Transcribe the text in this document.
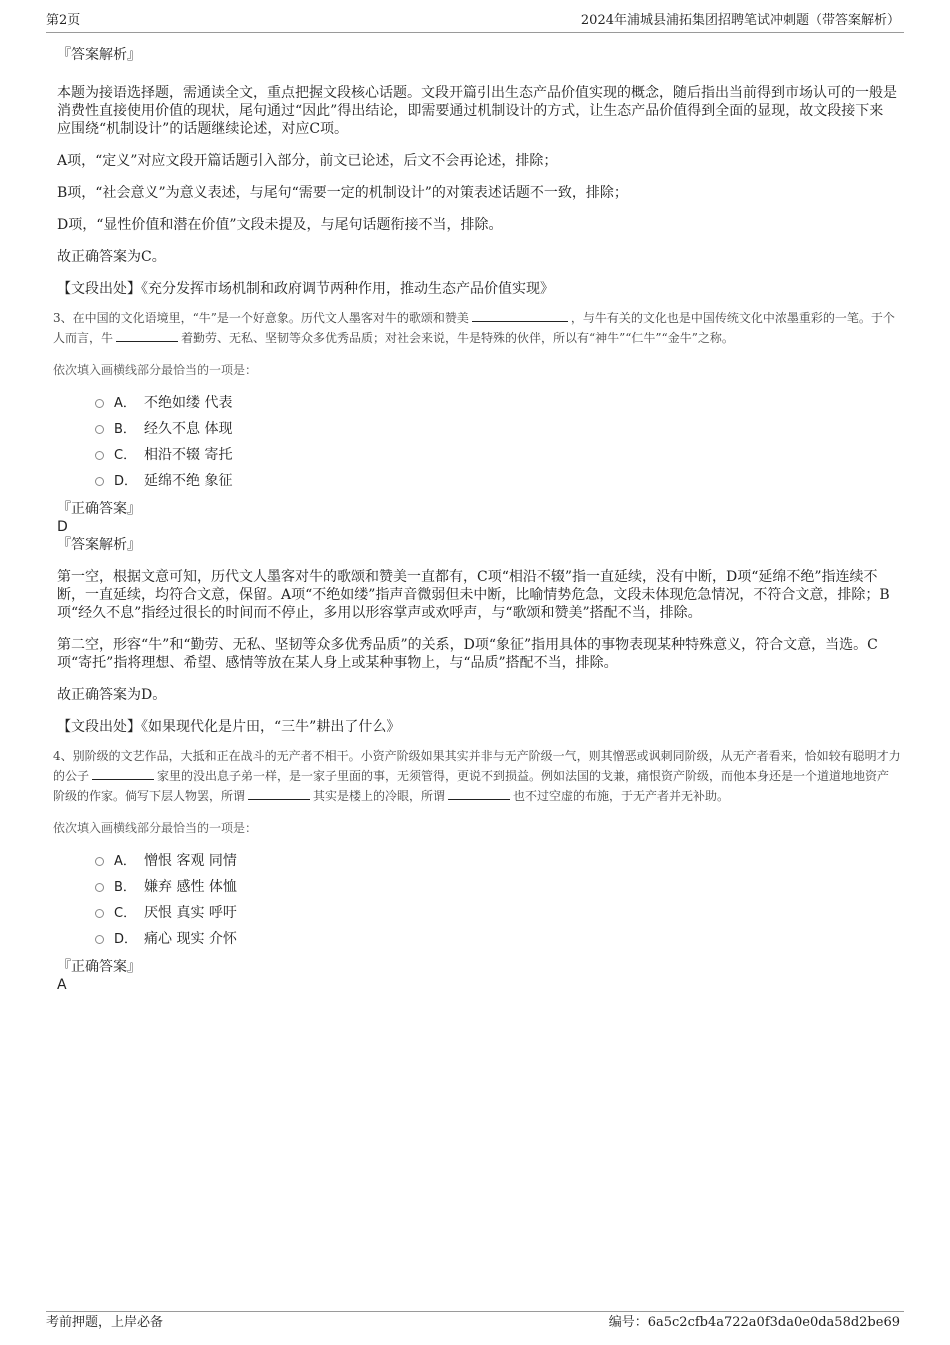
第2页	2024年浦城县浦拓集团招聘笔试冲刺题（带答案解析）

『答案解析』

本题为接语选择题，需通读全文，重点把握文段核心话题。文段开篇引出生态产品价值实现的概念，随后指出当前得到市场认可的一般是消费性直接使用价值的现状，尾句通过“因此”得出结论，即需要通过机制设计的方式，让生态产品价值得到全面的显现，故文段接下来应围绕“机制设计”的话题继续论述，对应C项。

A项，“定义”对应文段开篇话题引入部分，前文已论述，后文不会再论述，排除；

B项，“社会意义”为意义表述，与尾句“需要一定的机制设计”的对策表述话题不一致，排除；

D项，“显性价值和潜在价值”文段未提及，与尾句话题衔接不当，排除。

故正确答案为C。

【文段出处】《充分发挥市场机制和政府调节两种作用，推动生态产品价值实现》

3、在中国的文化语境里，“牛”是一个好意象。历代文人墨客对牛的歌颂和赞美	，与牛有关的文化也是中国传统文化中浓墨重彩的一笔。于个人而言，牛	着勤劳、无私、坚韧等众多优秀品质；对社会来说，牛是特殊的伙伴，所以有“神牛”“仁牛”“金牛”之称。

依次填入画横线部分最恰当的一项是：

A． 不绝如缕 代表
B． 经久不息 体现
C． 相沿不辍 寄托
D． 延绵不绝 象征

『正确答案』

D

『答案解析』

第一空，根据文意可知，历代文人墨客对牛的歌颂和赞美一直都有，C项“相沿不辍”指一直延续，没有中断，D项“延绵不绝”指连续不断，一直延续，均符合文意，保留。A项“不绝如缕”指声音微弱但未中断，比喻情势危急，文段未体现危急情况，不符合文意，排除；B项“经久不息”指经过很长的时间而不停止，多用以形容掌声或欢呼声，与“歌颂和赞美”搭配不当，排除。

第二空，形容“牛”和“勤劳、无私、坚韧等众多优秀品质”的关系，D项“象征”指用具体的事物表现某种特殊意义，符合文意，当选。C项“寄托”指将理想、希望、感情等放在某人身上或某种事物上，与“品质”搭配不当，排除。

故正确答案为D。

【文段出处】《如果现代化是片田，“三牛”耕出了什么》

4、别阶级的文艺作品，大抵和正在战斗的无产者不相干。小资产阶级如果其实并非与无产阶级一气，则其憎恶或讽刺同阶级，从无产者看来，恰如较有聪明才力的公子	家里的没出息子弟一样，是一家子里面的事，无须管得，更说不到损益。例如法国的戈兼，痛恨资产阶级，而他本身还是一个道道地地资产阶级的作家。倘写下层人物罢，所谓	其实是楼上的冷眼，所谓	也不过空虚的布施，于无产者并无补助。

依次填入画横线部分最恰当的一项是：

A． 憎恨 客观 同情
B． 嫌弃 感性 体恤
C． 厌恨 真实 呼吁
D． 痛心 现实 介怀

『正确答案』

A

考前押题，上岸必备	编号：6a5c2cfb4a722a0f3da0e0da58d2be69
